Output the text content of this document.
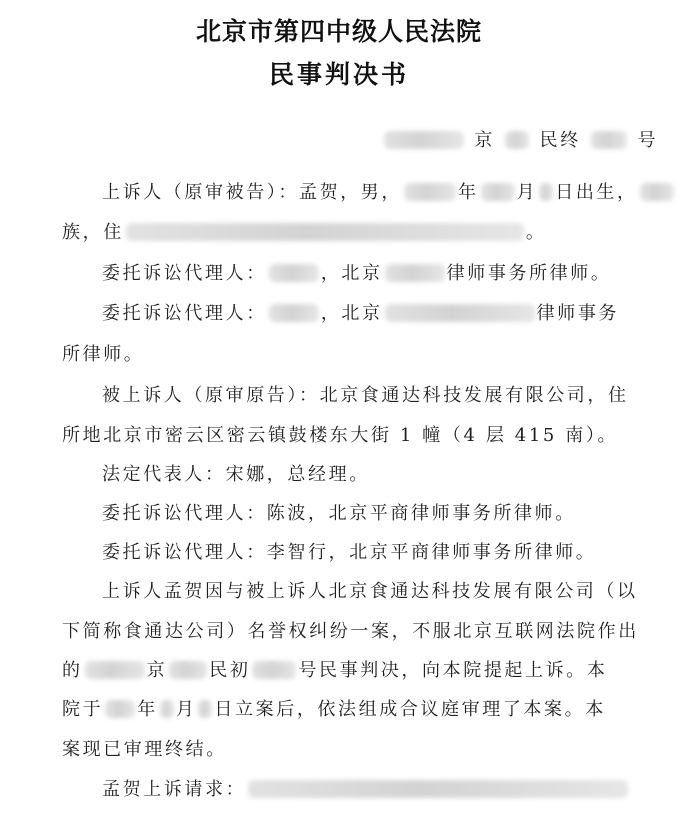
北京市第四中级人民法院
民事判决书
京 民终	号
上诉人（原审被告）：孟贺，男，	年 月 日出生，
族，住	。
委托诉讼代理人：	，北京	律师事务所律师。
委托诉讼代理人：	，北京	律师事务
所律师。
被上诉人（原审原告）：北京食通达科技发展有限公司，住
所地北京市密云区密云镇鼓楼东大街 1 幢（4 层 415 南）。
法定代表人：宋娜，总经理。
委托诉讼代理人：陈波，北京平商律师事务所律师。
委托诉讼代理人：李智行，北京平商律师事务所律师。
上诉人孟贺因与被上诉人北京食通达科技发展有限公司（以
下简称食通达公司）名誉权纠纷一案，不服北京互联网法院作出
的	京 民初	号民事判决，向本院提起上诉。本
院于 年 月 日立案后，依法组成合议庭审理了本案。本
案现已审理终结。
孟贺上诉请求：
